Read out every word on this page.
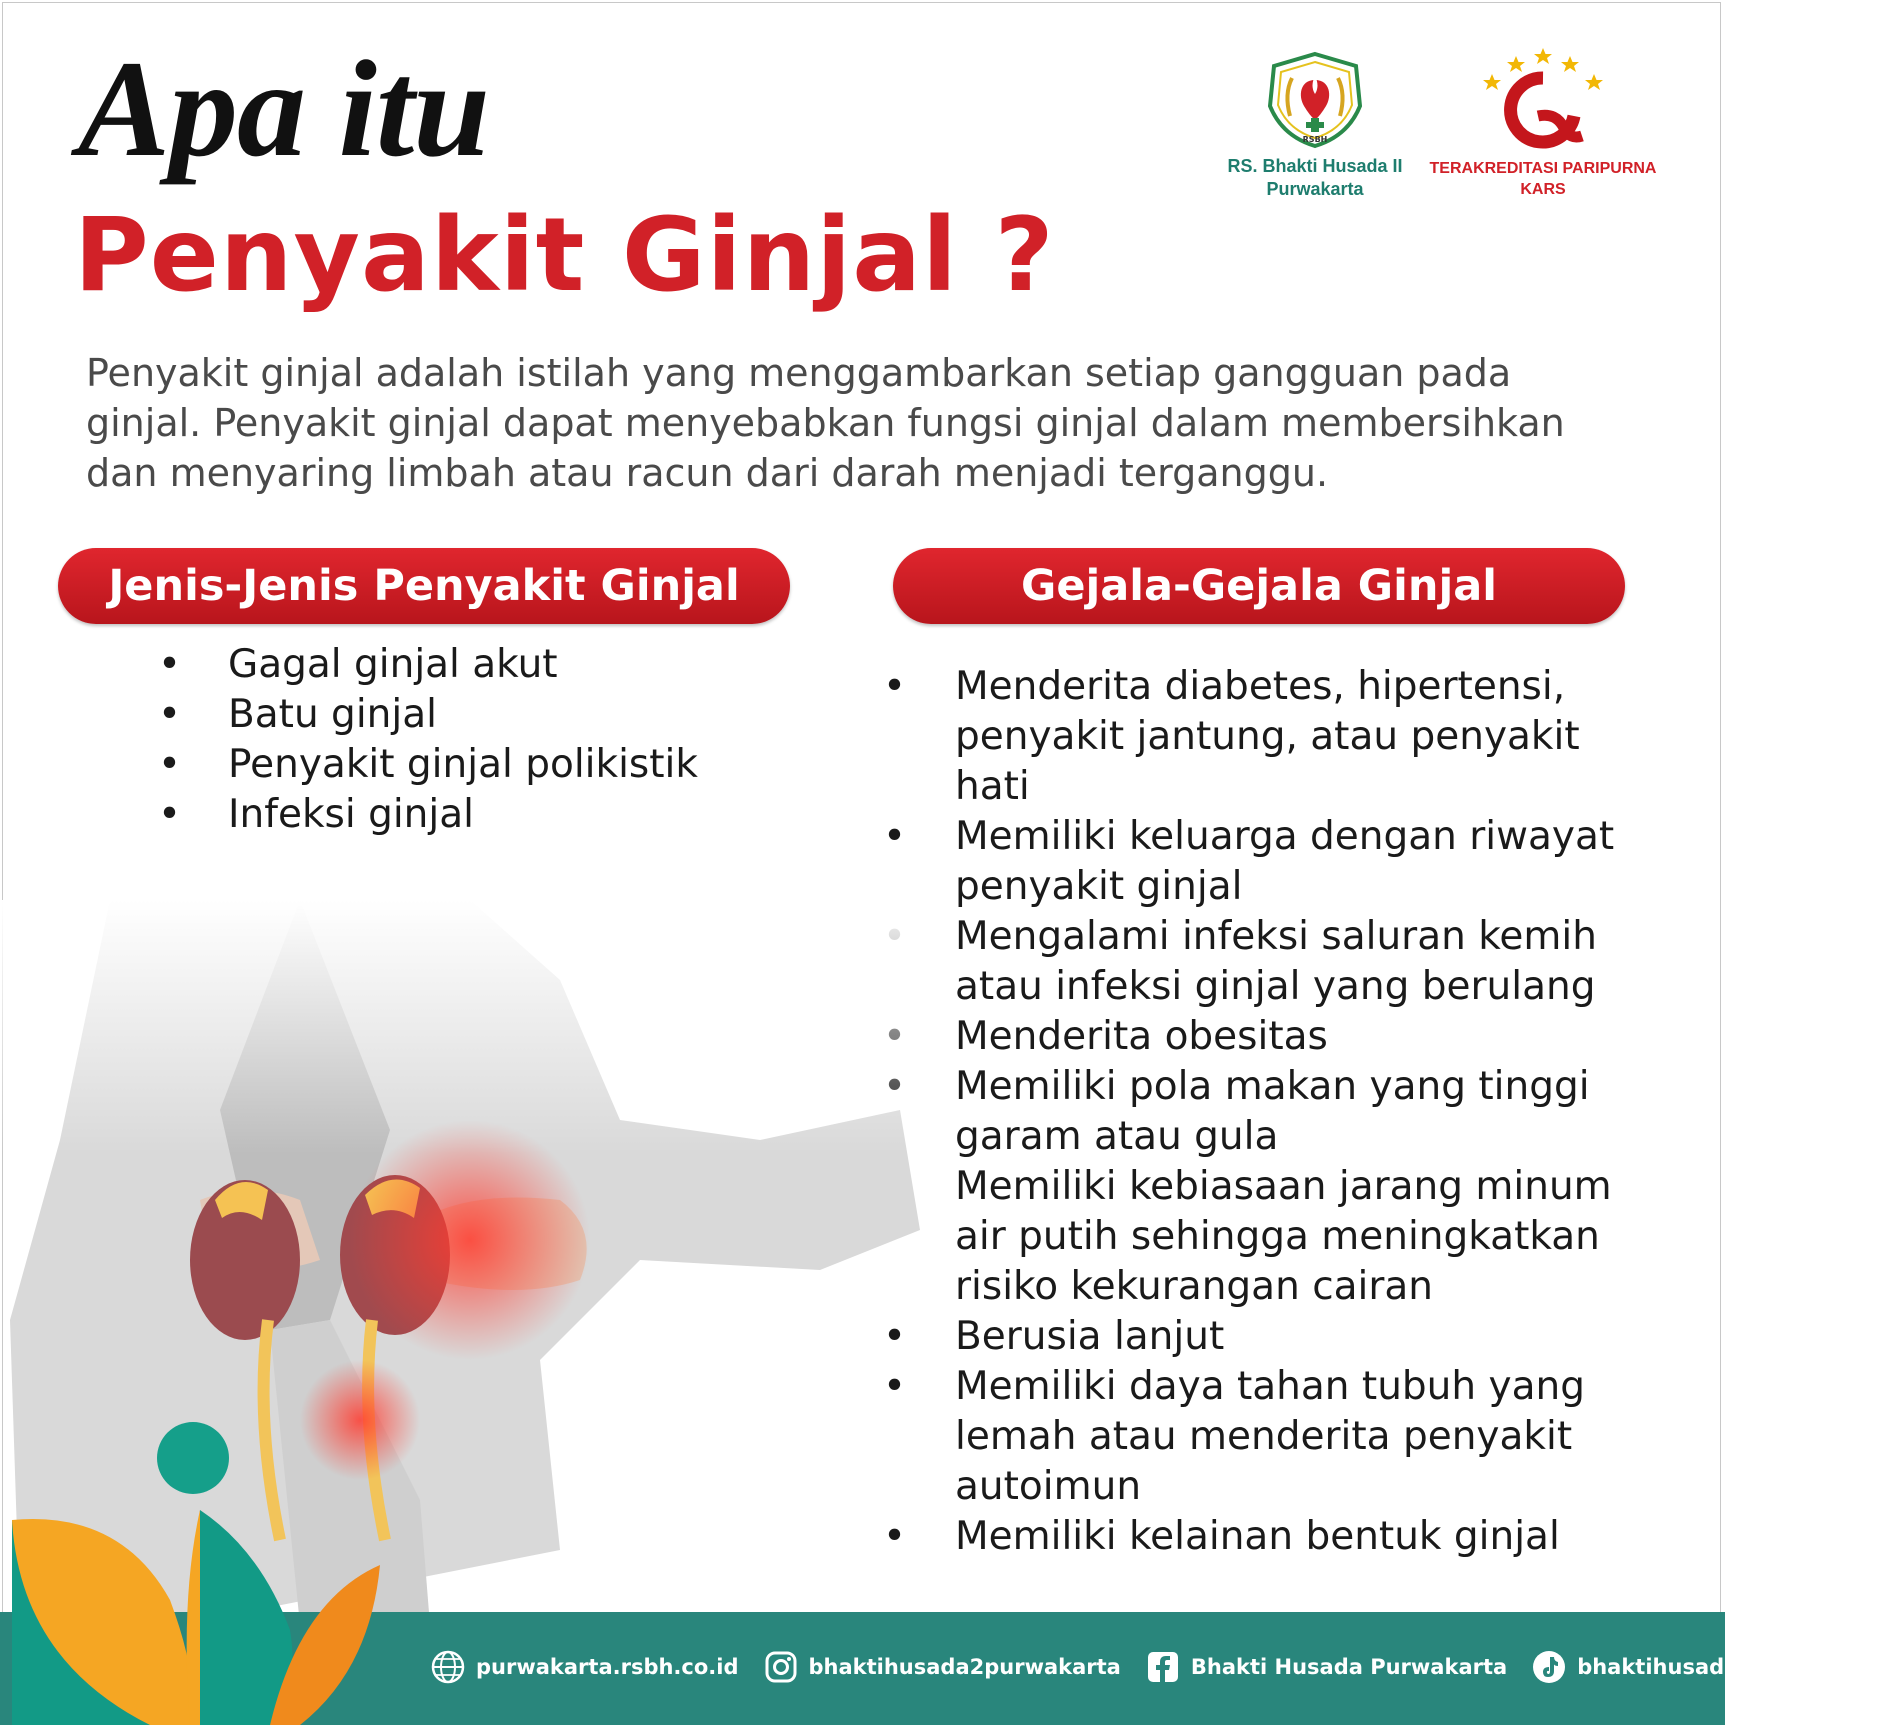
Apa itu
Penyakit Ginjal ?
RSBH
RS. Bhakti Husada II
Purwakarta
TERAKREDITASI PARIPURNA
KARS
Penyakit ginjal adalah istilah yang menggambarkan setiap gangguan pada
ginjal. Penyakit ginjal dapat menyebabkan fungsi ginjal dalam membersihkan
dan menyaring limbah atau racun dari darah menjadi terganggu.
Jenis-Jenis Penyakit Ginjal	Gejala-Gejala Ginjal
• Gagal ginjal akut
• Batu ginjal
• Penyakit ginjal polikistik
• Infeksi ginjal
• Menderita diabetes, hipertensi,
penyakit jantung, atau penyakit
hati
• Memiliki keluarga dengan riwayat
penyakit ginjal
Mengalami infeksi saluran kemih
atau infeksi ginjal yang berulang
Menderita obesitas
Memiliki pola makan yang tinggi
garam atau gula
Memiliki kebiasaan jarang minum
air putih sehingga meningkatkan
risiko kekurangan cairan
Berusia lanjut
Memiliki daya tahan tubuh yang
lemah atau menderita penyakit
autoimun
Memiliki kelainan bentuk ginjal
purwakarta.rsbh.co.id	bhaktihusada2purwakarta	Bhakti Husada Purwakarta	bhaktihusadapurwakarta
